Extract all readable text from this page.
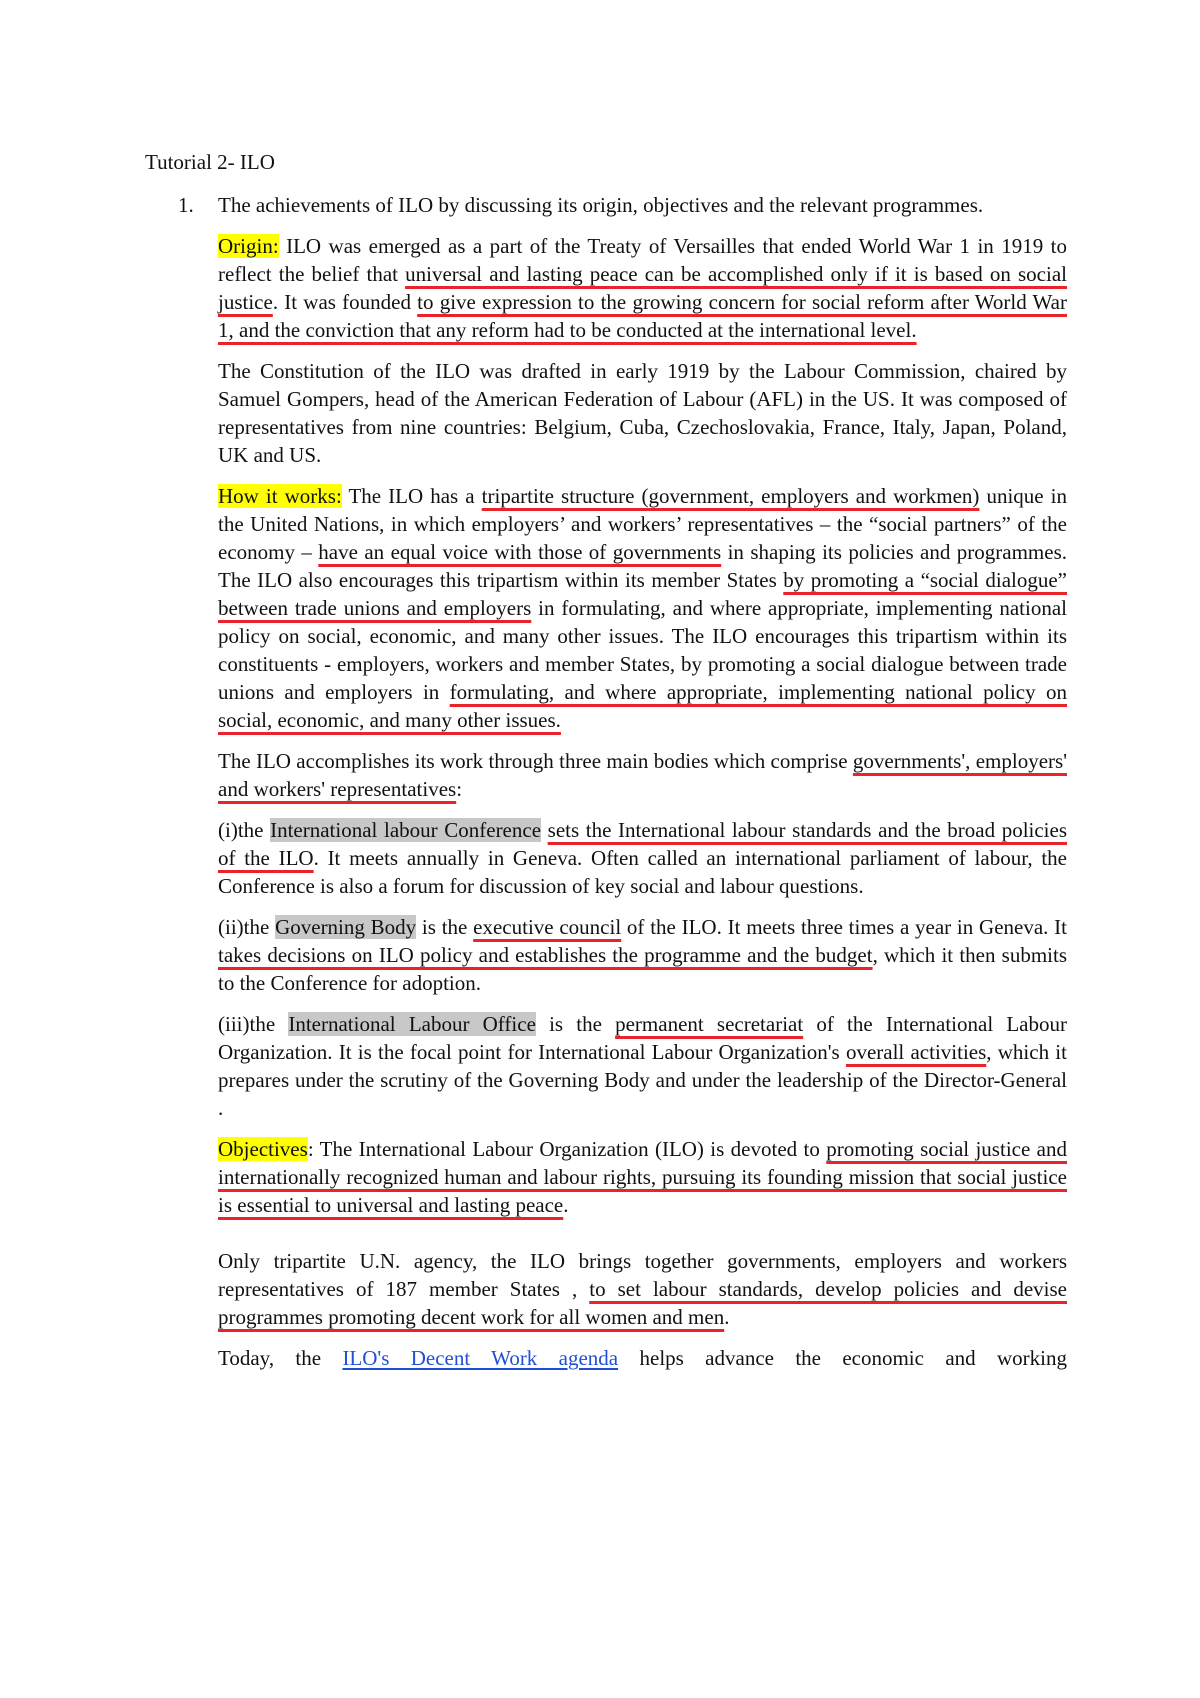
Tutorial 2- ILO
1. The achievements of ILO by discussing its origin, objectives and the relevant programmes.

Origin: ILO was emerged as a part of the Treaty of Versailles that ended World War 1 in 1919 to reflect the belief that universal and lasting peace can be accomplished only if it is based on social justice. It was founded to give expression to the growing concern for social reform after World War 1, and the conviction that any reform had to be conducted at the international level.

The Constitution of the ILO was drafted in early 1919 by the Labour Commission, chaired by Samuel Gompers, head of the American Federation of Labour (AFL) in the US. It was composed of representatives from nine countries: Belgium, Cuba, Czechoslovakia, France, Italy, Japan, Poland, UK and US.

How it works: The ILO has a tripartite structure (government, employers and workmen) unique in the United Nations, in which employers’ and workers’ representatives – the “social partners” of the economy – have an equal voice with those of governments in shaping its policies and programmes. The ILO also encourages this tripartism within its member States by promoting a “social dialogue” between trade unions and employers in formulating, and where appropriate, implementing national policy on social, economic, and many other issues. The ILO encourages this tripartism within its constituents - employers, workers and member States, by promoting a social dialogue between trade unions and employers in formulating, and where appropriate, implementing national policy on social, economic, and many other issues.

The ILO accomplishes its work through three main bodies which comprise governments', employers' and workers' representatives:

(i)the International labour Conference sets the International labour standards and the broad policies of the ILO. It meets annually in Geneva. Often called an international parliament of labour, the Conference is also a forum for discussion of key social and labour questions.

(ii)the Governing Body is the executive council of the ILO. It meets three times a year in Geneva. It takes decisions on ILO policy and establishes the programme and the budget, which it then submits to the Conference for adoption.

(iii)the International Labour Office is the permanent secretariat of the International Labour Organization. It is the focal point for International Labour Organization's overall activities, which it prepares under the scrutiny of the Governing Body and under the leadership of the Director-General .

Objectives: The International Labour Organization (ILO) is devoted to promoting social justice and internationally recognized human and labour rights, pursuing its founding mission that social justice is essential to universal and lasting peace.

Only tripartite U.N. agency, the ILO brings together governments, employers and workers representatives of 187 member States , to set labour standards, develop policies and devise programmes promoting decent work for all women and men.

Today, the ILO's Decent Work agenda helps advance the economic and working
